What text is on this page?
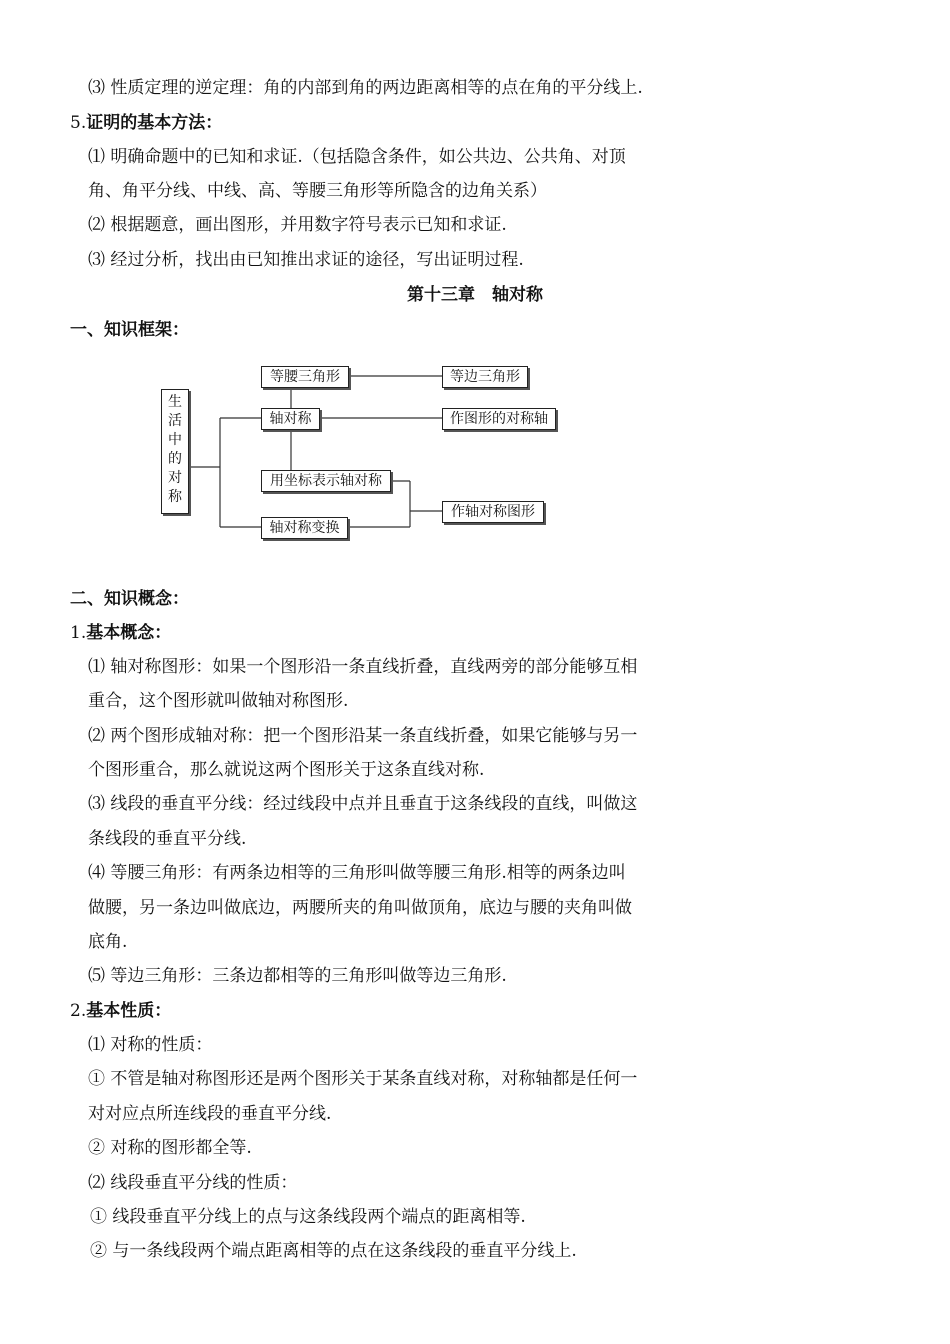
⑶ 性质定理的逆定理：角的内部到角的两边距离相等的点在角的平分线上.
5.证明的基本方法：
⑴ 明确命题中的已知和求证.（包括隐含条件，如公共边、公共角、对顶
角、角平分线、中线、高、等腰三角形等所隐含的边角关系）
⑵ 根据题意，画出图形，并用数字符号表示已知和求证.
⑶ 经过分析，找出由已知推出求证的途径，写出证明过程.
第十三章　轴对称
一、知识框架：
生
活
中
的
对
称
等腰三角形	等边三角形
轴对称	作图形的对称轴
用坐标表示轴对称
轴对称变换
作轴对称图形
二、知识概念：
1.基本概念：
⑴ 轴对称图形：如果一个图形沿一条直线折叠，直线两旁的部分能够互相
重合，这个图形就叫做轴对称图形.
⑵ 两个图形成轴对称：把一个图形沿某一条直线折叠，如果它能够与另一
个图形重合，那么就说这两个图形关于这条直线对称.
⑶ 线段的垂直平分线：经过线段中点并且垂直于这条线段的直线，叫做这
条线段的垂直平分线.
⑷ 等腰三角形：有两条边相等的三角形叫做等腰三角形.相等的两条边叫
做腰，另一条边叫做底边，两腰所夹的角叫做顶角，底边与腰的夹角叫做
底角.
⑸ 等边三角形：三条边都相等的三角形叫做等边三角形.
2.基本性质：
⑴ 对称的性质：
① 不管是轴对称图形还是两个图形关于某条直线对称，对称轴都是任何一
对对应点所连线段的垂直平分线.
② 对称的图形都全等.
⑵ 线段垂直平分线的性质：
① 线段垂直平分线上的点与这条线段两个端点的距离相等.
② 与一条线段两个端点距离相等的点在这条线段的垂直平分线上.
